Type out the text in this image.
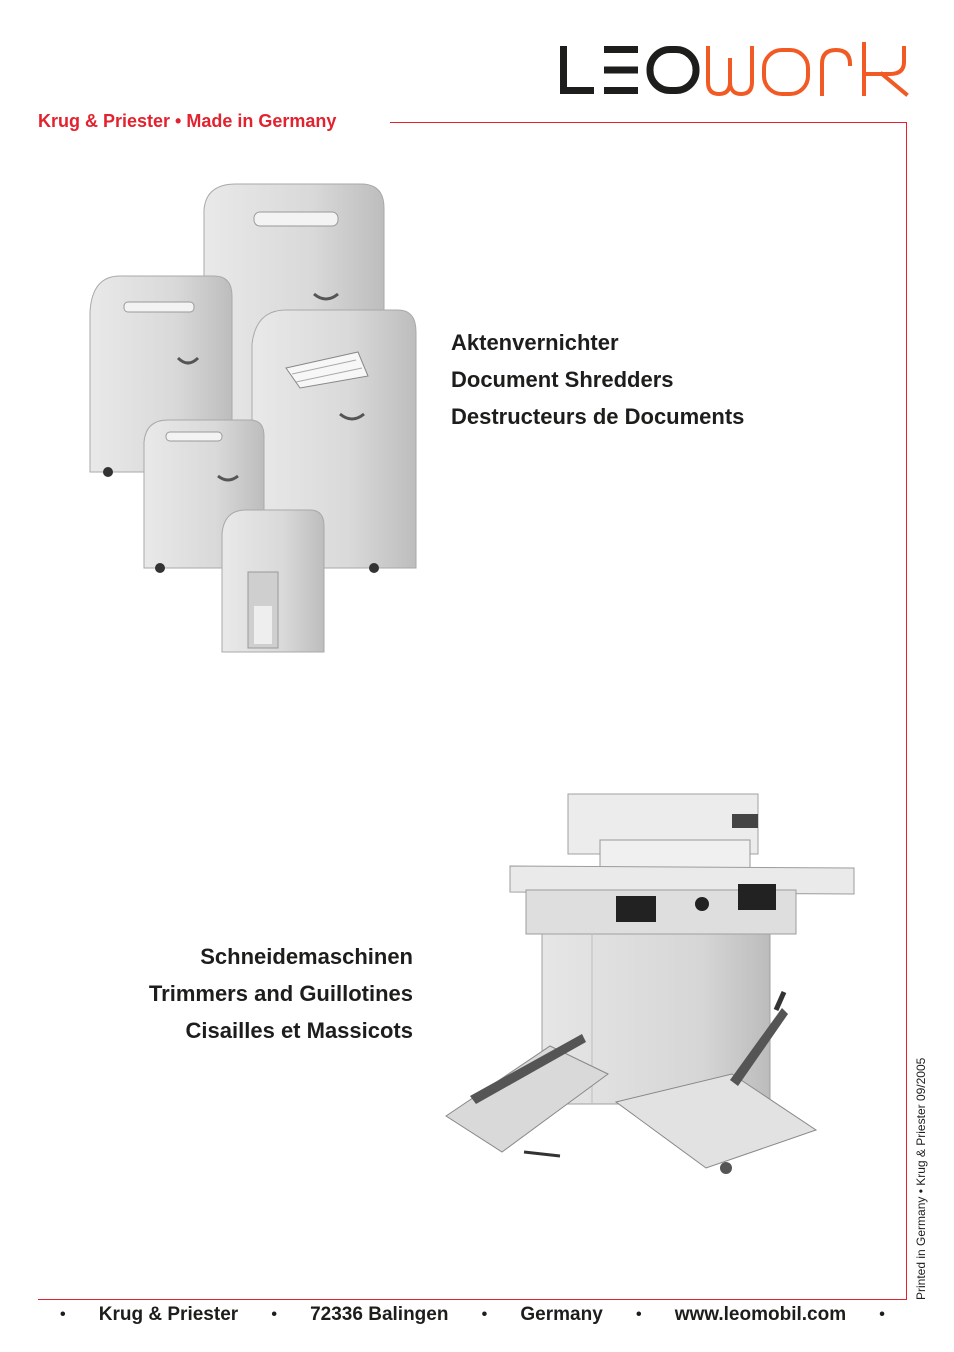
Krug & Priester • Made in Germany
Aktenvernichter
Document Shredders
Destructeurs de Documents
Schneidemaschinen
Trimmers and Guillotines
Cisailles et Massicots
Printed in Germany • Krug & Priester 09/2005
• Krug & Priester • 72336 Balingen • Germany • www.leomobil.com •
